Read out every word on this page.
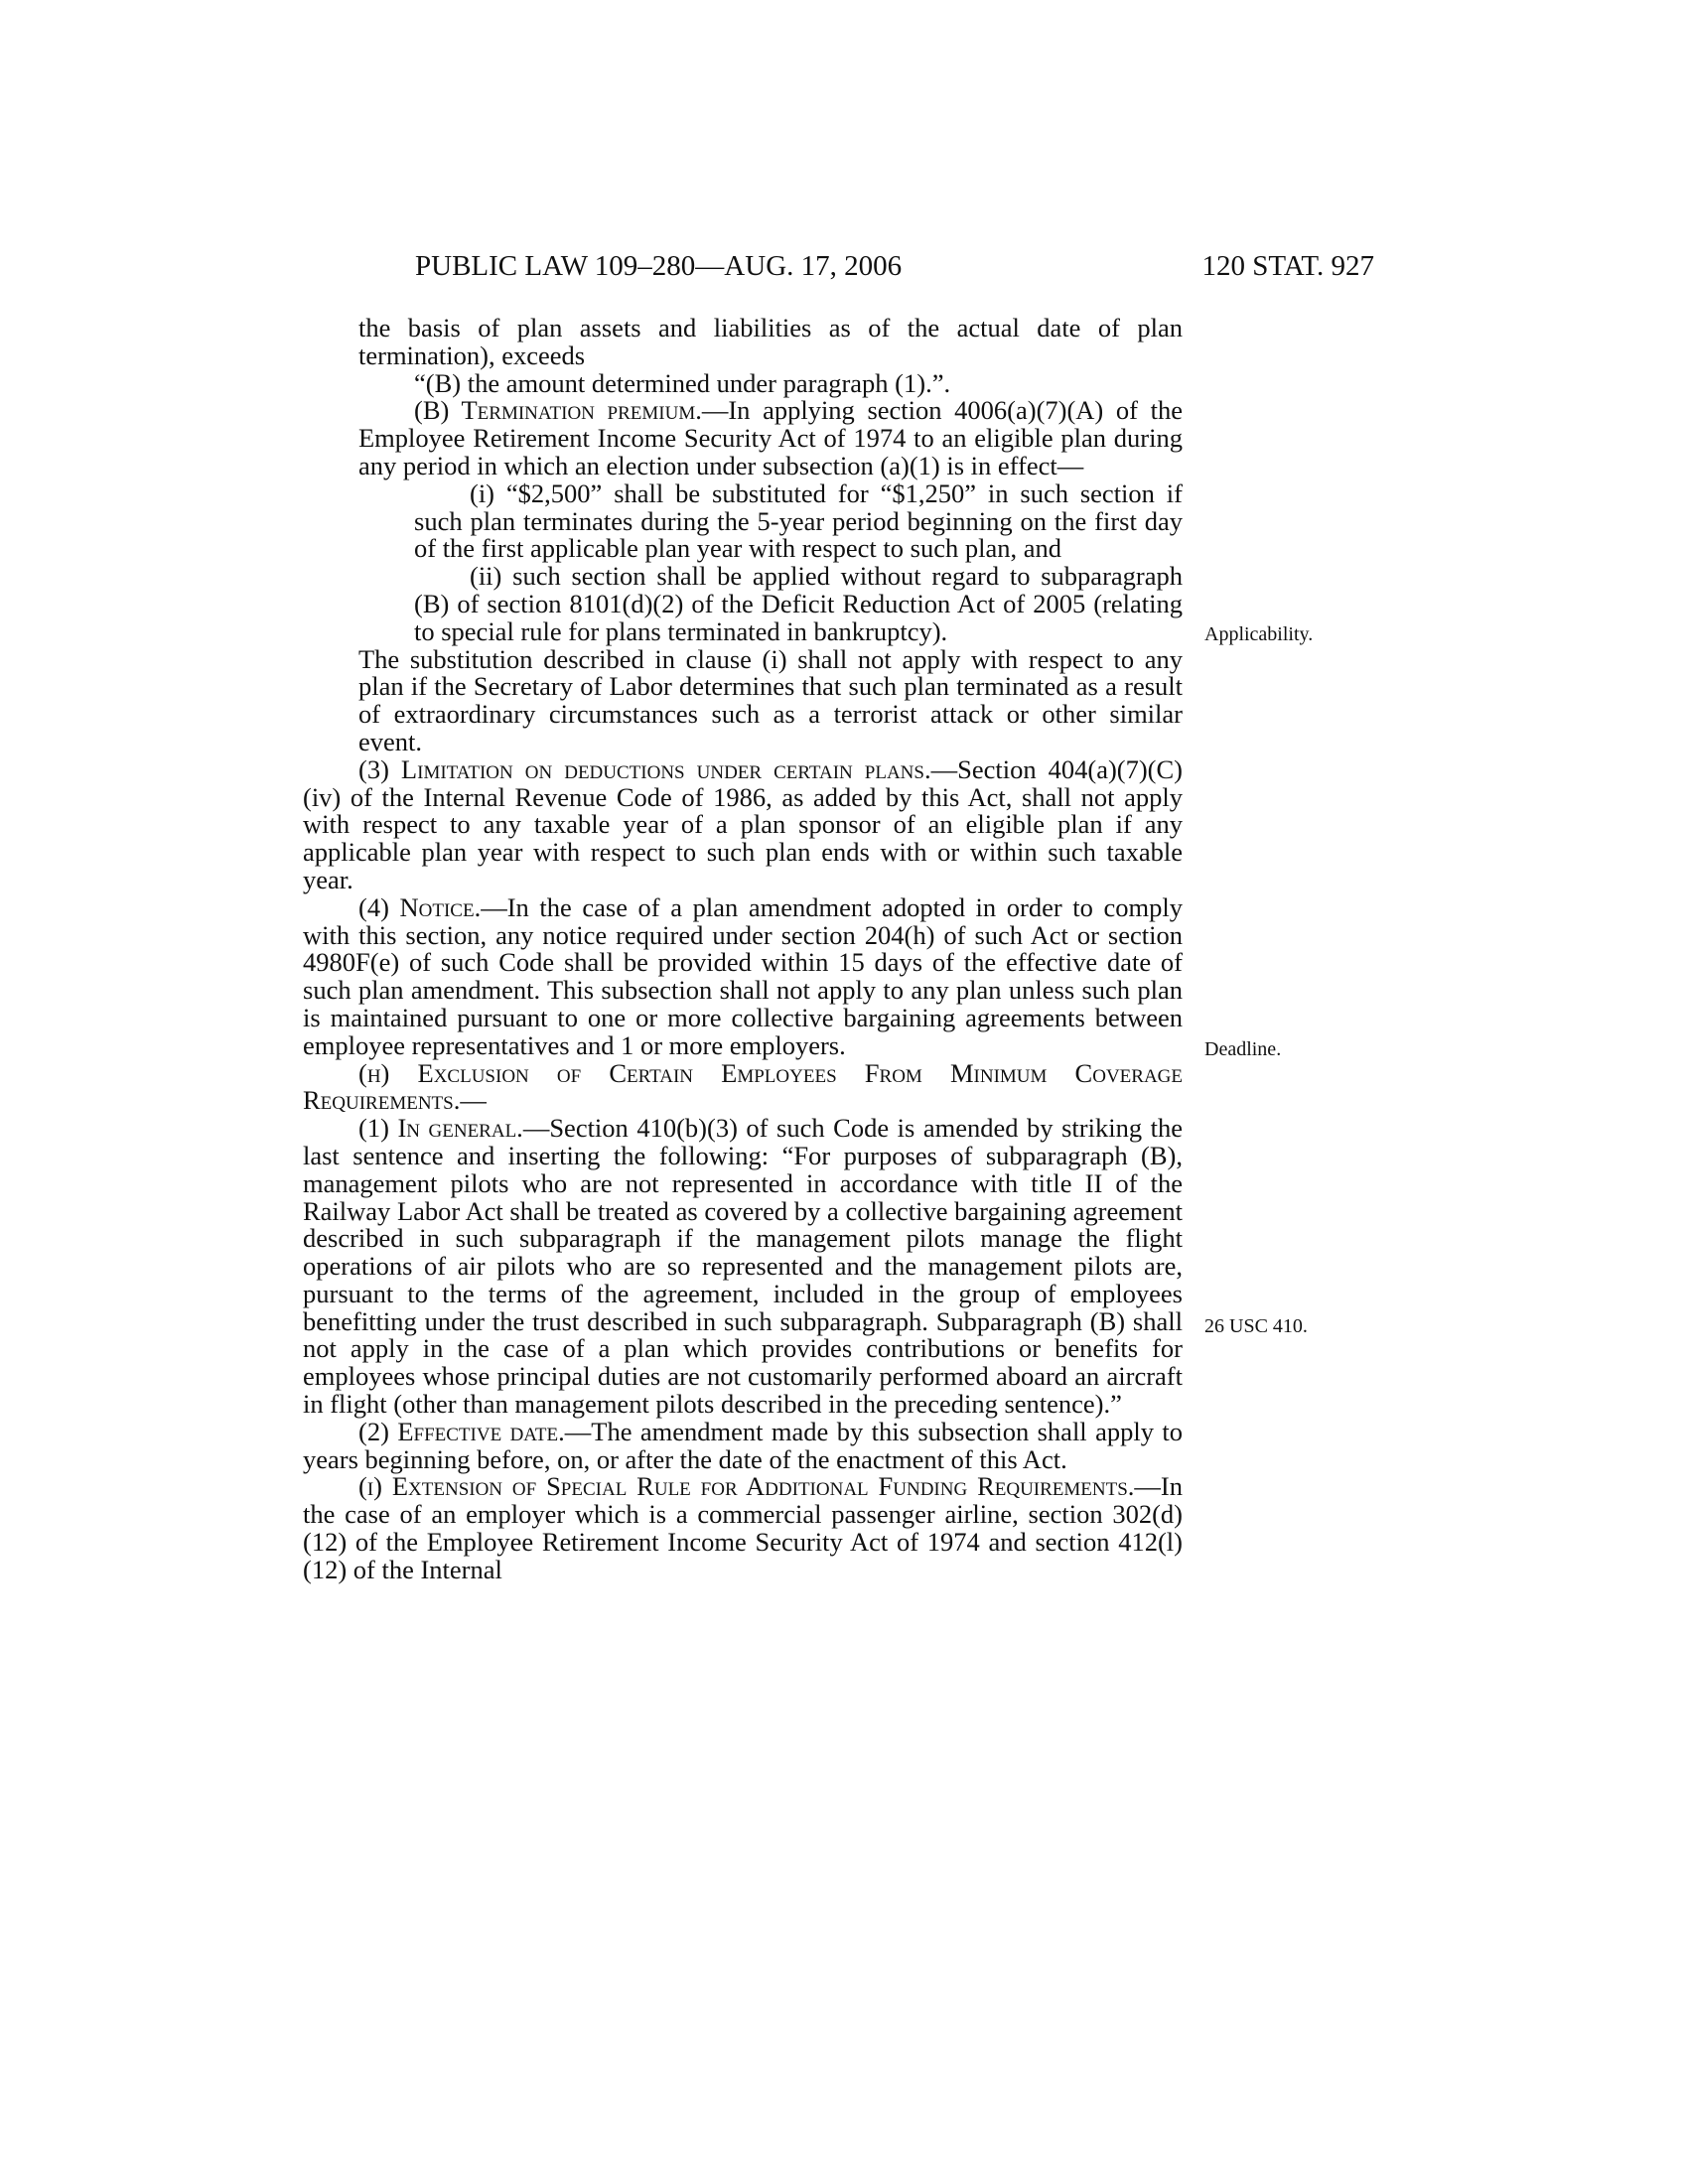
PUBLIC LAW 109–280—AUG. 17, 2006	120 STAT. 927

the basis of plan assets and liabilities as of the actual date of plan termination), exceeds

“(B) the amount determined under paragraph (1).”.

(B) Termination premium.—In applying section 4006(a)(7)(A) of the Employee Retirement Income Security Act of 1974 to an eligible plan during any period in which an election under subsection (a)(1) is in effect—

(i) “$2,500” shall be substituted for “$1,250” in such section if such plan terminates during the 5-year period beginning on the first day of the first applicable plan year with respect to such plan, and

(ii) such section shall be applied without regard to subparagraph (B) of section 8101(d)(2) of the Deficit Reduction Act of 2005 (relating to special rule for plans terminated in bankruptcy).

The substitution described in clause (i) shall not apply with respect to any plan if the Secretary of Labor determines that such plan terminated as a result of extraordinary circumstances such as a terrorist attack or other similar event.

(3) Limitation on deductions under certain plans.—Section 404(a)(7)(C)(iv) of the Internal Revenue Code of 1986, as added by this Act, shall not apply with respect to any taxable year of a plan sponsor of an eligible plan if any applicable plan year with respect to such plan ends with or within such taxable year.

(4) Notice.—In the case of a plan amendment adopted in order to comply with this section, any notice required under section 204(h) of such Act or section 4980F(e) of such Code shall be provided within 15 days of the effective date of such plan amendment. This subsection shall not apply to any plan unless such plan is maintained pursuant to one or more collective bargaining agreements between employee representatives and 1 or more employers.

(h) Exclusion of Certain Employees From Minimum Coverage Requirements.—

(1) In general.—Section 410(b)(3) of such Code is amended by striking the last sentence and inserting the following: “For purposes of subparagraph (B), management pilots who are not represented in accordance with title II of the Railway Labor Act shall be treated as covered by a collective bargaining agreement described in such subparagraph if the management pilots manage the flight operations of air pilots who are so represented and the management pilots are, pursuant to the terms of the agreement, included in the group of employees benefitting under the trust described in such subparagraph. Subparagraph (B) shall not apply in the case of a plan which provides contributions or benefits for employees whose principal duties are not customarily performed aboard an aircraft in flight (other than management pilots described in the preceding sentence).”

(2) Effective date.—The amendment made by this subsection shall apply to years beginning before, on, or after the date of the enactment of this Act.

(i) Extension of Special Rule for Additional Funding Requirements.—In the case of an employer which is a commercial passenger airline, section 302(d)(12) of the Employee Retirement Income Security Act of 1974 and section 412(l)(12) of the Internal

Applicability.
Deadline.
26 USC 410.
